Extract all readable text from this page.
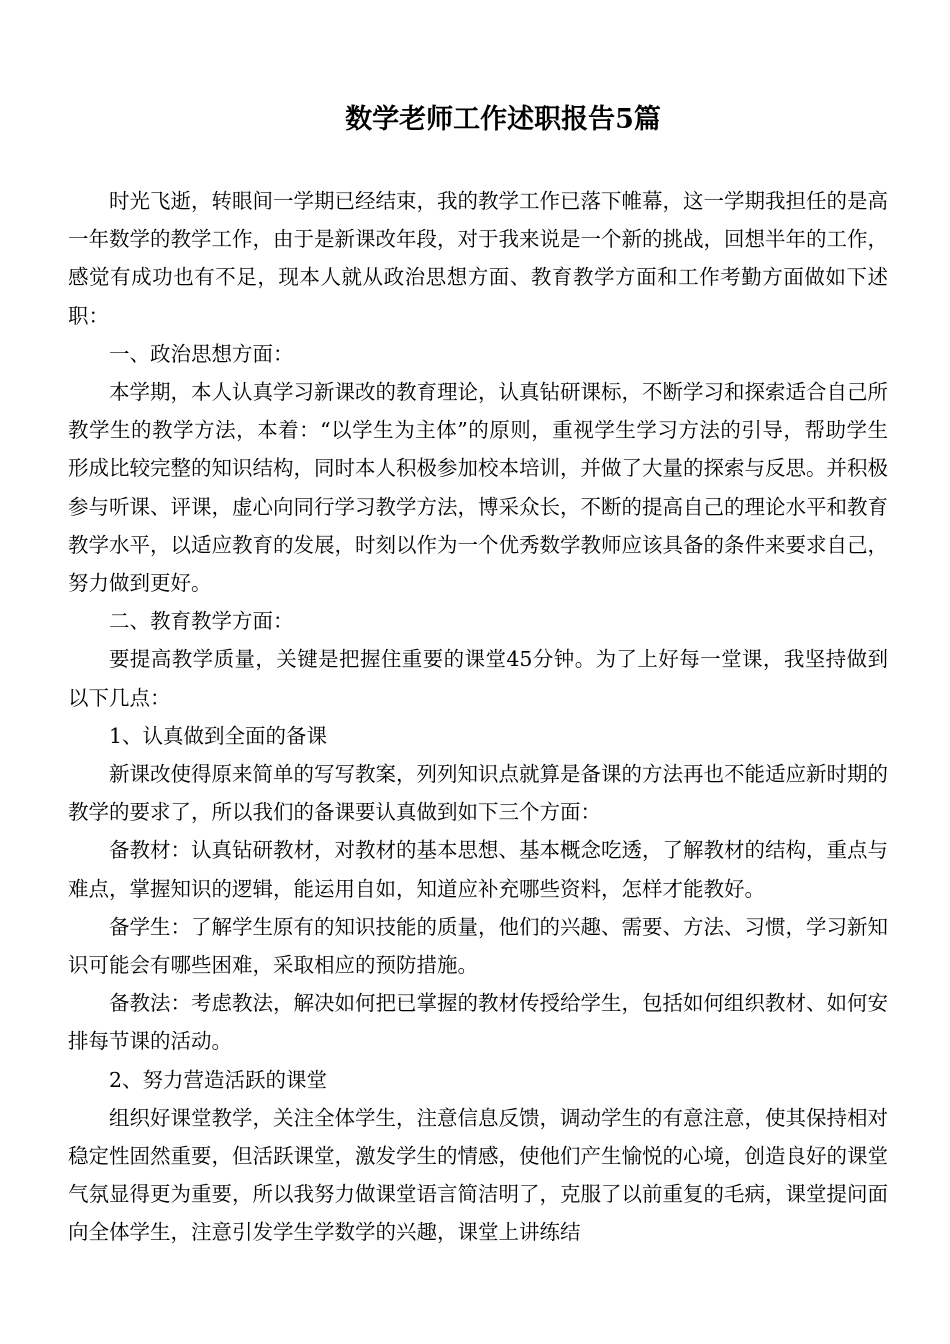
数学老师工作述职报告5篇

时光飞逝，转眼间一学期已经结束，我的教学工作已落下帷幕，这一学期我担任的是高一年数学的教学工作，由于是新课改年段，对于我来说是一个新的挑战，回想半年的工作，感觉有成功也有不足，现本人就从政治思想方面、教育教学方面和工作考勤方面做如下述职：

一、政治思想方面：

本学期，本人认真学习新课改的教育理论，认真钻研课标，不断学习和探索适合自己所教学生的教学方法，本着：“以学生为主体”的原则，重视学生学习方法的引导，帮助学生形成比较完整的知识结构，同时本人积极参加校本培训，并做了大量的探索与反思。并积极参与听课、评课，虚心向同行学习教学方法，博采众长，不断的提高自己的理论水平和教育教学水平，以适应教育的发展，时刻以作为一个优秀数学教师应该具备的条件来要求自己，努力做到更好。

二、教育教学方面：

要提高教学质量，关键是把握住重要的课堂45分钟。为了上好每一堂课，我坚持做到以下几点：

1、认真做到全面的备课

新课改使得原来简单的写写教案，列列知识点就算是备课的方法再也不能适应新时期的教学的要求了，所以我们的备课要认真做到如下三个方面：

备教材：认真钻研教材，对教材的基本思想、基本概念吃透，了解教材的结构，重点与难点，掌握知识的逻辑，能运用自如，知道应补充哪些资料，怎样才能教好。

备学生：了解学生原有的知识技能的质量，他们的兴趣、需要、方法、习惯，学习新知识可能会有哪些困难，采取相应的预防措施。

备教法：考虑教法，解决如何把已掌握的教材传授给学生，包括如何组织教材、如何安排每节课的活动。

2、努力营造活跃的课堂

组织好课堂教学，关注全体学生，注意信息反馈，调动学生的有意注意，使其保持相对稳定性固然重要，但活跃课堂，激发学生的情感，使他们产生愉悦的心境，创造良好的课堂气氛显得更为重要，所以我努力做课堂语言简洁明了，克服了以前重复的毛病，课堂提问面向全体学生，注意引发学生学数学的兴趣，课堂上讲练结
